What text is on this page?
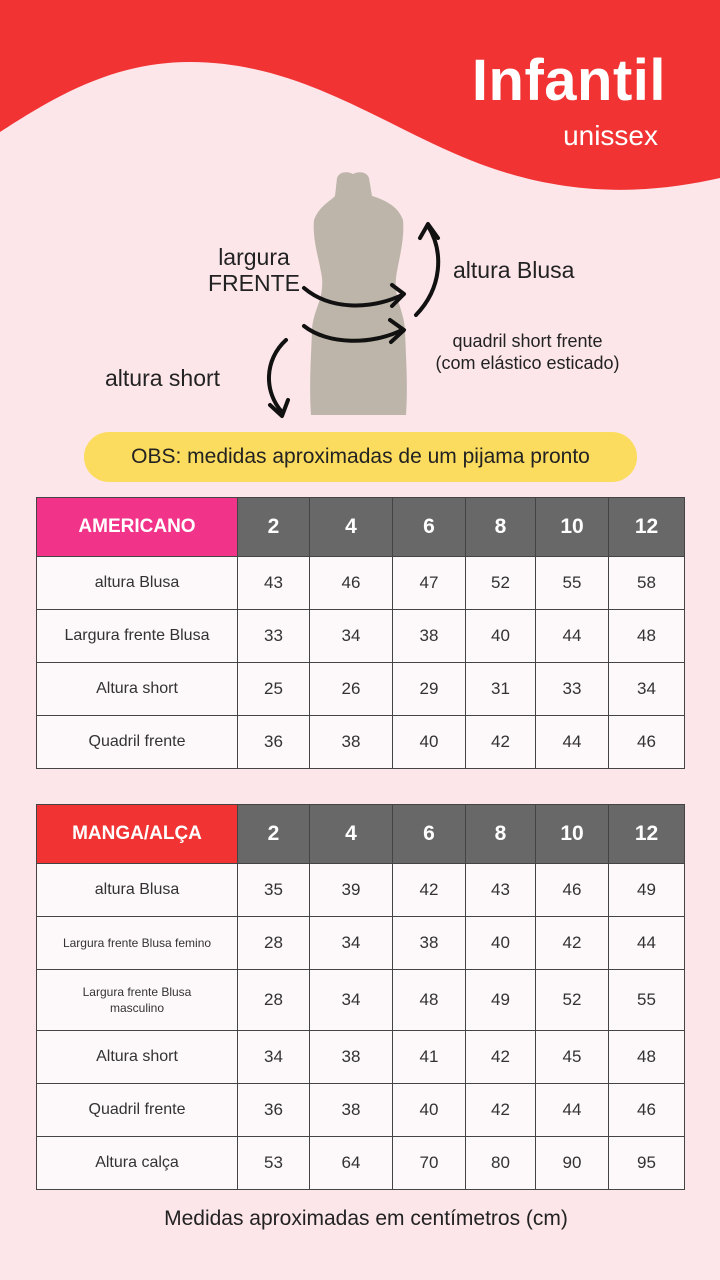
Infantil
unissex
largura
FRENTE
altura Blusa
quadril short frente
(com elástico esticado)
altura short
OBS: medidas aproximadas de um pijama pronto
AMERICANO	2	4	6	8	10	12
altura Blusa	43	46	47	52	55	58
Largura frente Blusa	33	34	38	40	44	48
Altura short	25	26	29	31	33	34
Quadril frente	36	38	40	42	44	46
MANGA/ALÇA	2	4	6	8	10	12
altura Blusa	35	39	42	43	46	49
Largura frente Blusa femino	28	34	38	40	42	44
Largura frente Blusa masculino	28	34	48	49	52	55
Altura short	34	38	41	42	45	48
Quadril frente	36	38	40	42	44	46
Altura calça	53	64	70	80	90	95
Medidas aproximadas em centímetros (cm)
